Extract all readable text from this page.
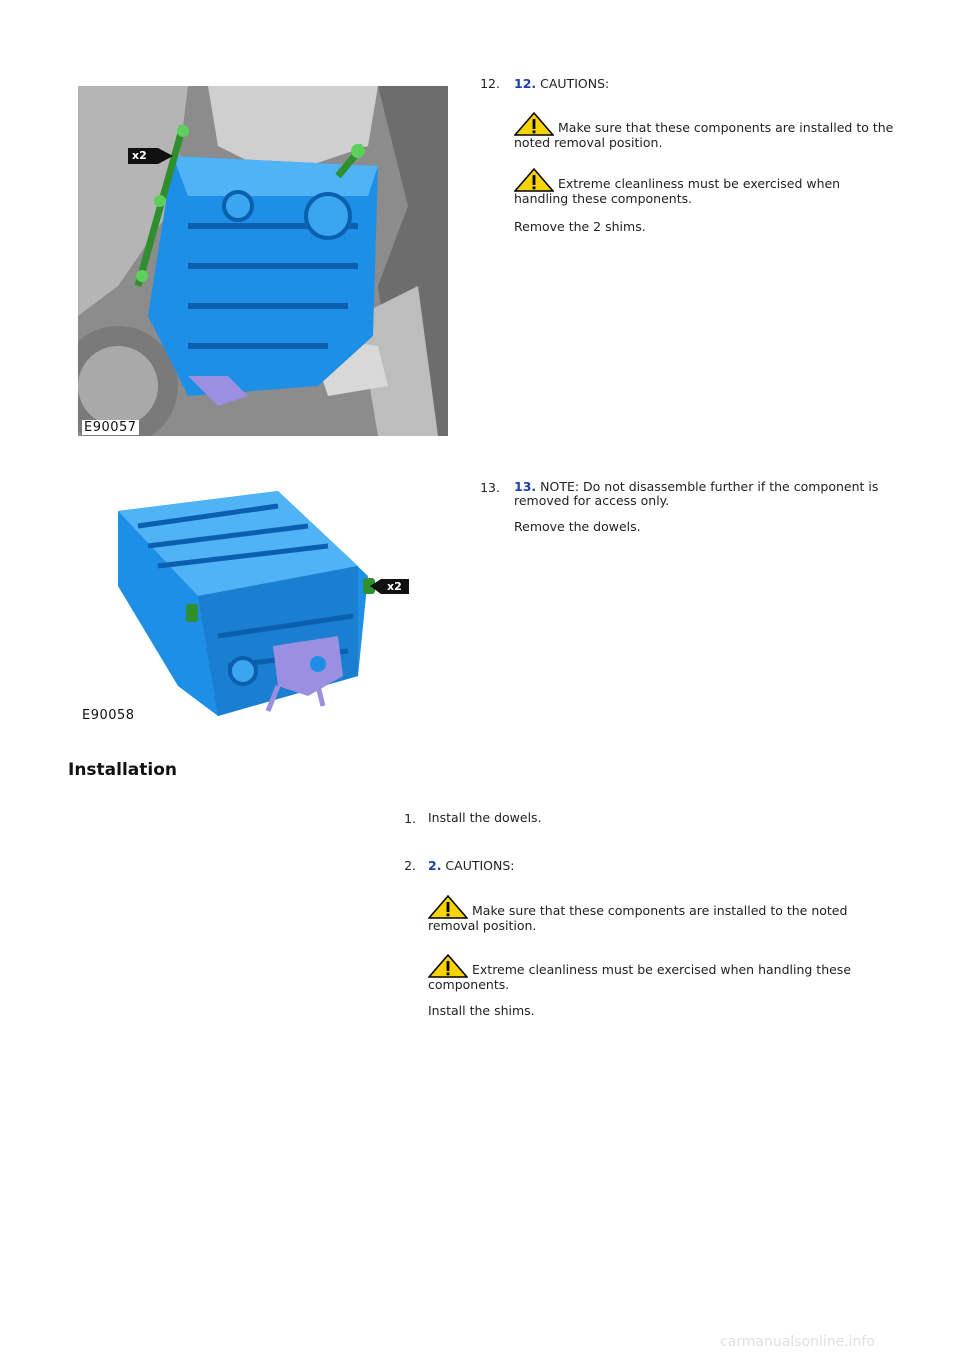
12. 12. CAUTIONS:
Make sure that these components are installed to the noted removal position.
Extreme cleanliness must be exercised when handling these components.
Remove the 2 shims.
x2
E90057
13. 13. NOTE: Do not disassemble further if the component is removed for access only.
Remove the dowels.
x2
E90058
Installation
1. Install the dowels.
2. 2. CAUTIONS:
Make sure that these components are installed to the noted removal position.
Extreme cleanliness must be exercised when handling these components.
Install the shims.
carmanualsonline.info
